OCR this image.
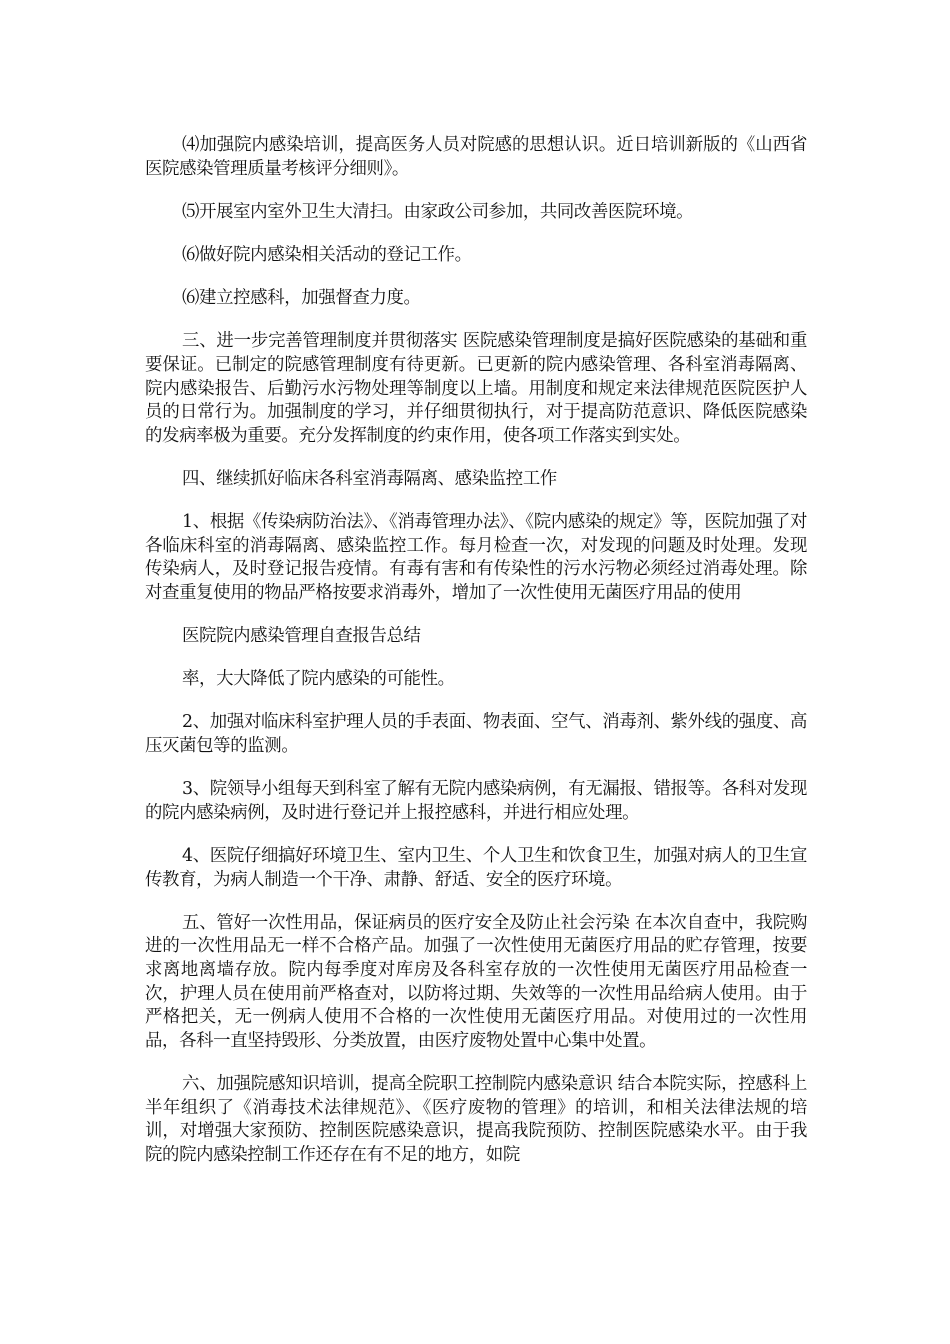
⑷加强院内感染培训，提高医务人员对院感的思想认识。近日培训新版的《山西省医院感染管理质量考核评分细则》。

⑸开展室内室外卫生大清扫。由家政公司参加，共同改善医院环境。

⑹做好院内感染相关活动的登记工作。

⑹建立控感科，加强督查力度。

三、进一步完善管理制度并贯彻落实 医院感染管理制度是搞好医院感染的基础和重要保证。已制定的院感管理制度有待更新。已更新的院内感染管理、各科室消毒隔离、院内感染报告、后勤污水污物处理等制度以上墙。用制度和规定来法律规范医院医护人员的日常行为。加强制度的学习，并仔细贯彻执行，对于提高防范意识、降低医院感染的发病率极为重要。充分发挥制度的约束作用，使各项工作落实到实处。

四、继续抓好临床各科室消毒隔离、感染监控工作

1、根据《传染病防治法》、《消毒管理办法》、《院内感染的规定》等，医院加强了对各临床科室的消毒隔离、感染监控工作。每月检查一次，对发现的问题及时处理。发现传染病人，及时登记报告疫情。有毒有害和有传染性的污水污物必须经过消毒处理。除对查重复使用的物品严格按要求消毒外，增加了一次性使用无菌医疗用品的使用

医院院内感染管理自查报告总结

率，大大降低了院内感染的可能性。

2、加强对临床科室护理人员的手表面、物表面、空气、消毒剂、紫外线的强度、高压灭菌包等的监测。

3、院领导小组每天到科室了解有无院内感染病例，有无漏报、错报等。各科对发现的院内感染病例，及时进行登记并上报控感科，并进行相应处理。

4、医院仔细搞好环境卫生、室内卫生、个人卫生和饮食卫生，加强对病人的卫生宣传教育，为病人制造一个干净、肃静、舒适、安全的医疗环境。

五、管好一次性用品，保证病员的医疗安全及防止社会污染 在本次自查中，我院购进的一次性用品无一样不合格产品。加强了一次性使用无菌医疗用品的贮存管理，按要求离地离墙存放。院内每季度对库房及各科室存放的一次性使用无菌医疗用品检查一次，护理人员在使用前严格查对，以防将过期、失效等的一次性用品给病人使用。由于严格把关，无一例病人使用不合格的一次性使用无菌医疗用品。对使用过的一次性用品，各科一直坚持毁形、分类放置，由医疗废物处置中心集中处置。

六、加强院感知识培训，提高全院职工控制院内感染意识 结合本院实际，控感科上半年组织了《消毒技术法律规范》、《医疗废物的管理》的培训，和相关法律法规的培训，对增强大家预防、控制医院感染意识，提高我院预防、控制医院感染水平。由于我院的院内感染控制工作还存在有不足的地方，如院
